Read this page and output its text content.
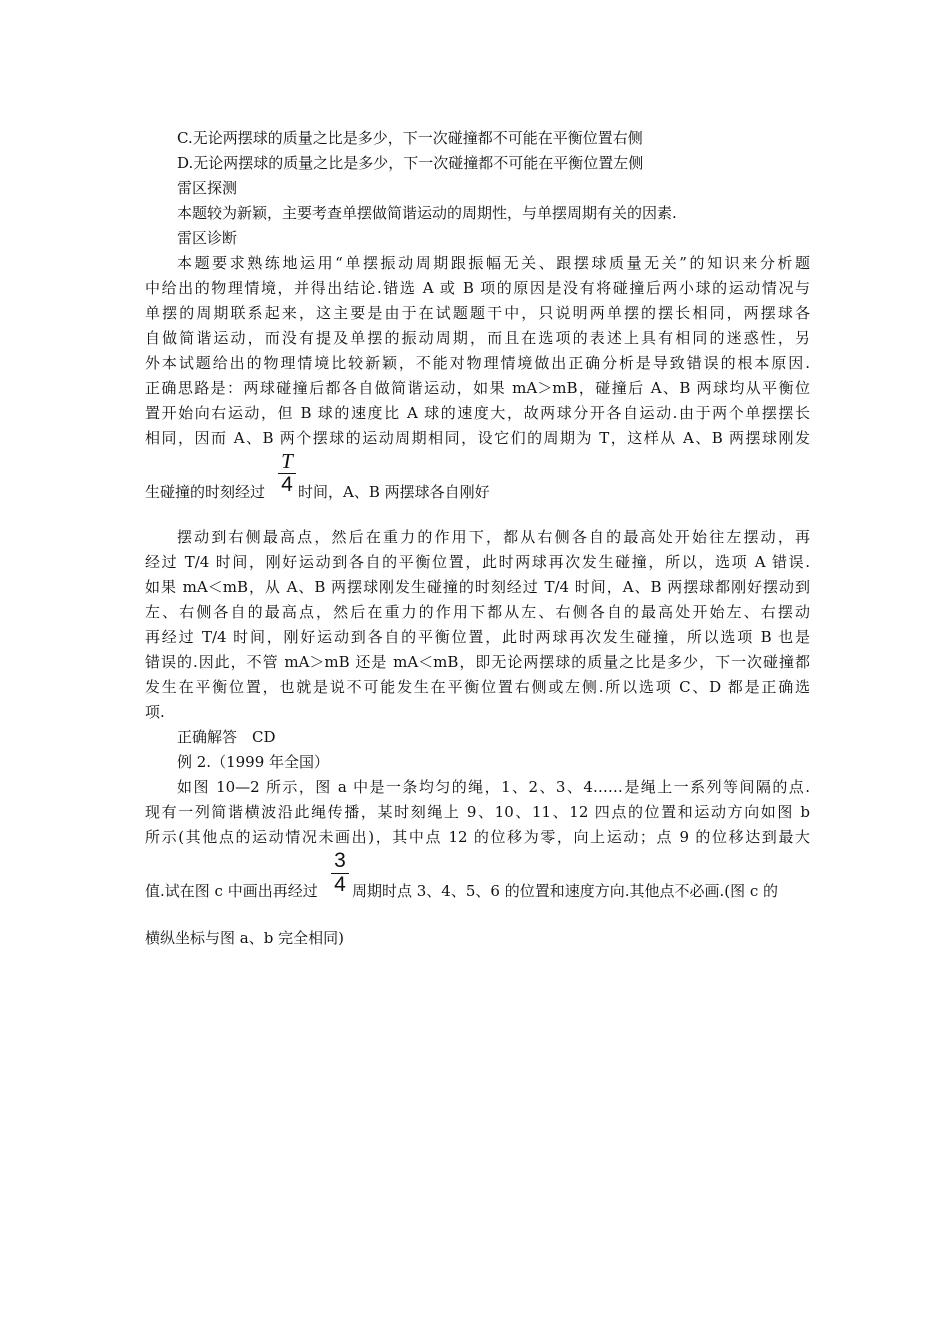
C.无论两摆球的质量之比是多少，下一次碰撞都不可能在平衡位置右侧
D.无论两摆球的质量之比是多少，下一次碰撞都不可能在平衡位置左侧
雷区探测
本题较为新颖，主要考查单摆做简谐运动的周期性，与单摆周期有关的因素.
雷区诊断
本题要求熟练地运用“单摆振动周期跟振幅无关、跟摆球质量无关”的知识来分析题
中给出的物理情境，并得出结论.错选 A 或 B 项的原因是没有将碰撞后两小球的运动情况与
单摆的周期联系起来，这主要是由于在试题题干中，只说明两单摆的摆长相同，两摆球各
自做简谐运动，而没有提及单摆的振动周期，而且在选项的表述上具有相同的迷惑性，另
外本试题给出的物理情境比较新颖，不能对物理情境做出正确分析是导致错误的根本原因.
正确思路是：两球碰撞后都各自做简谐运动，如果 mA＞mB，碰撞后 A、B 两球均从平衡位
置开始向右运动，但 B 球的速度比 A 球的速度大，故两球分开各自运动.由于两个单摆摆长
相同，因而 A、B 两个摆球的运动周期相同，设它们的周期为 T，这样从 A、B 两摆球刚发
生碰撞的时刻经过
T
4 时间，A、B 两摆球各自刚好
摆动到右侧最高点，然后在重力的作用下，都从右侧各自的最高处开始往左摆动，再
经过 T/4 时间，刚好运动到各自的平衡位置，此时两球再次发生碰撞，所以，选项 A 错误.
如果 mA＜mB，从 A、B 两摆球刚发生碰撞的时刻经过 T/4 时间，A、B 两摆球都刚好摆动到
左、右侧各自的最高点，然后在重力的作用下都从左、右侧各自的最高处开始左、右摆动
再经过 T/4 时间，刚好运动到各自的平衡位置，此时两球再次发生碰撞，所以选项 B 也是
错误的.因此，不管 mA＞mB 还是 mA＜mB，即无论两摆球的质量之比是多少，下一次碰撞都
发生在平衡位置，也就是说不可能发生在平衡位置右侧或左侧.所以选项 C、D 都是正确选
项.
正确解答　CD
例 2.（1999 年全国）
如图 10—2 所示，图 a 中是一条均匀的绳，1、2、3、4……是绳上一系列等间隔的点.
现有一列简谐横波沿此绳传播，某时刻绳上 9、10、11、12 四点的位置和运动方向如图 b
所示(其他点的运动情况未画出)，其中点 12 的位移为零，向上运动；点 9 的位移达到最大
值.试在图 c 中画出再经过
3
4 周期时点 3、4、5、6 的位置和速度方向.其他点不必画.(图 c 的
横纵坐标与图 a、b 完全相同)
